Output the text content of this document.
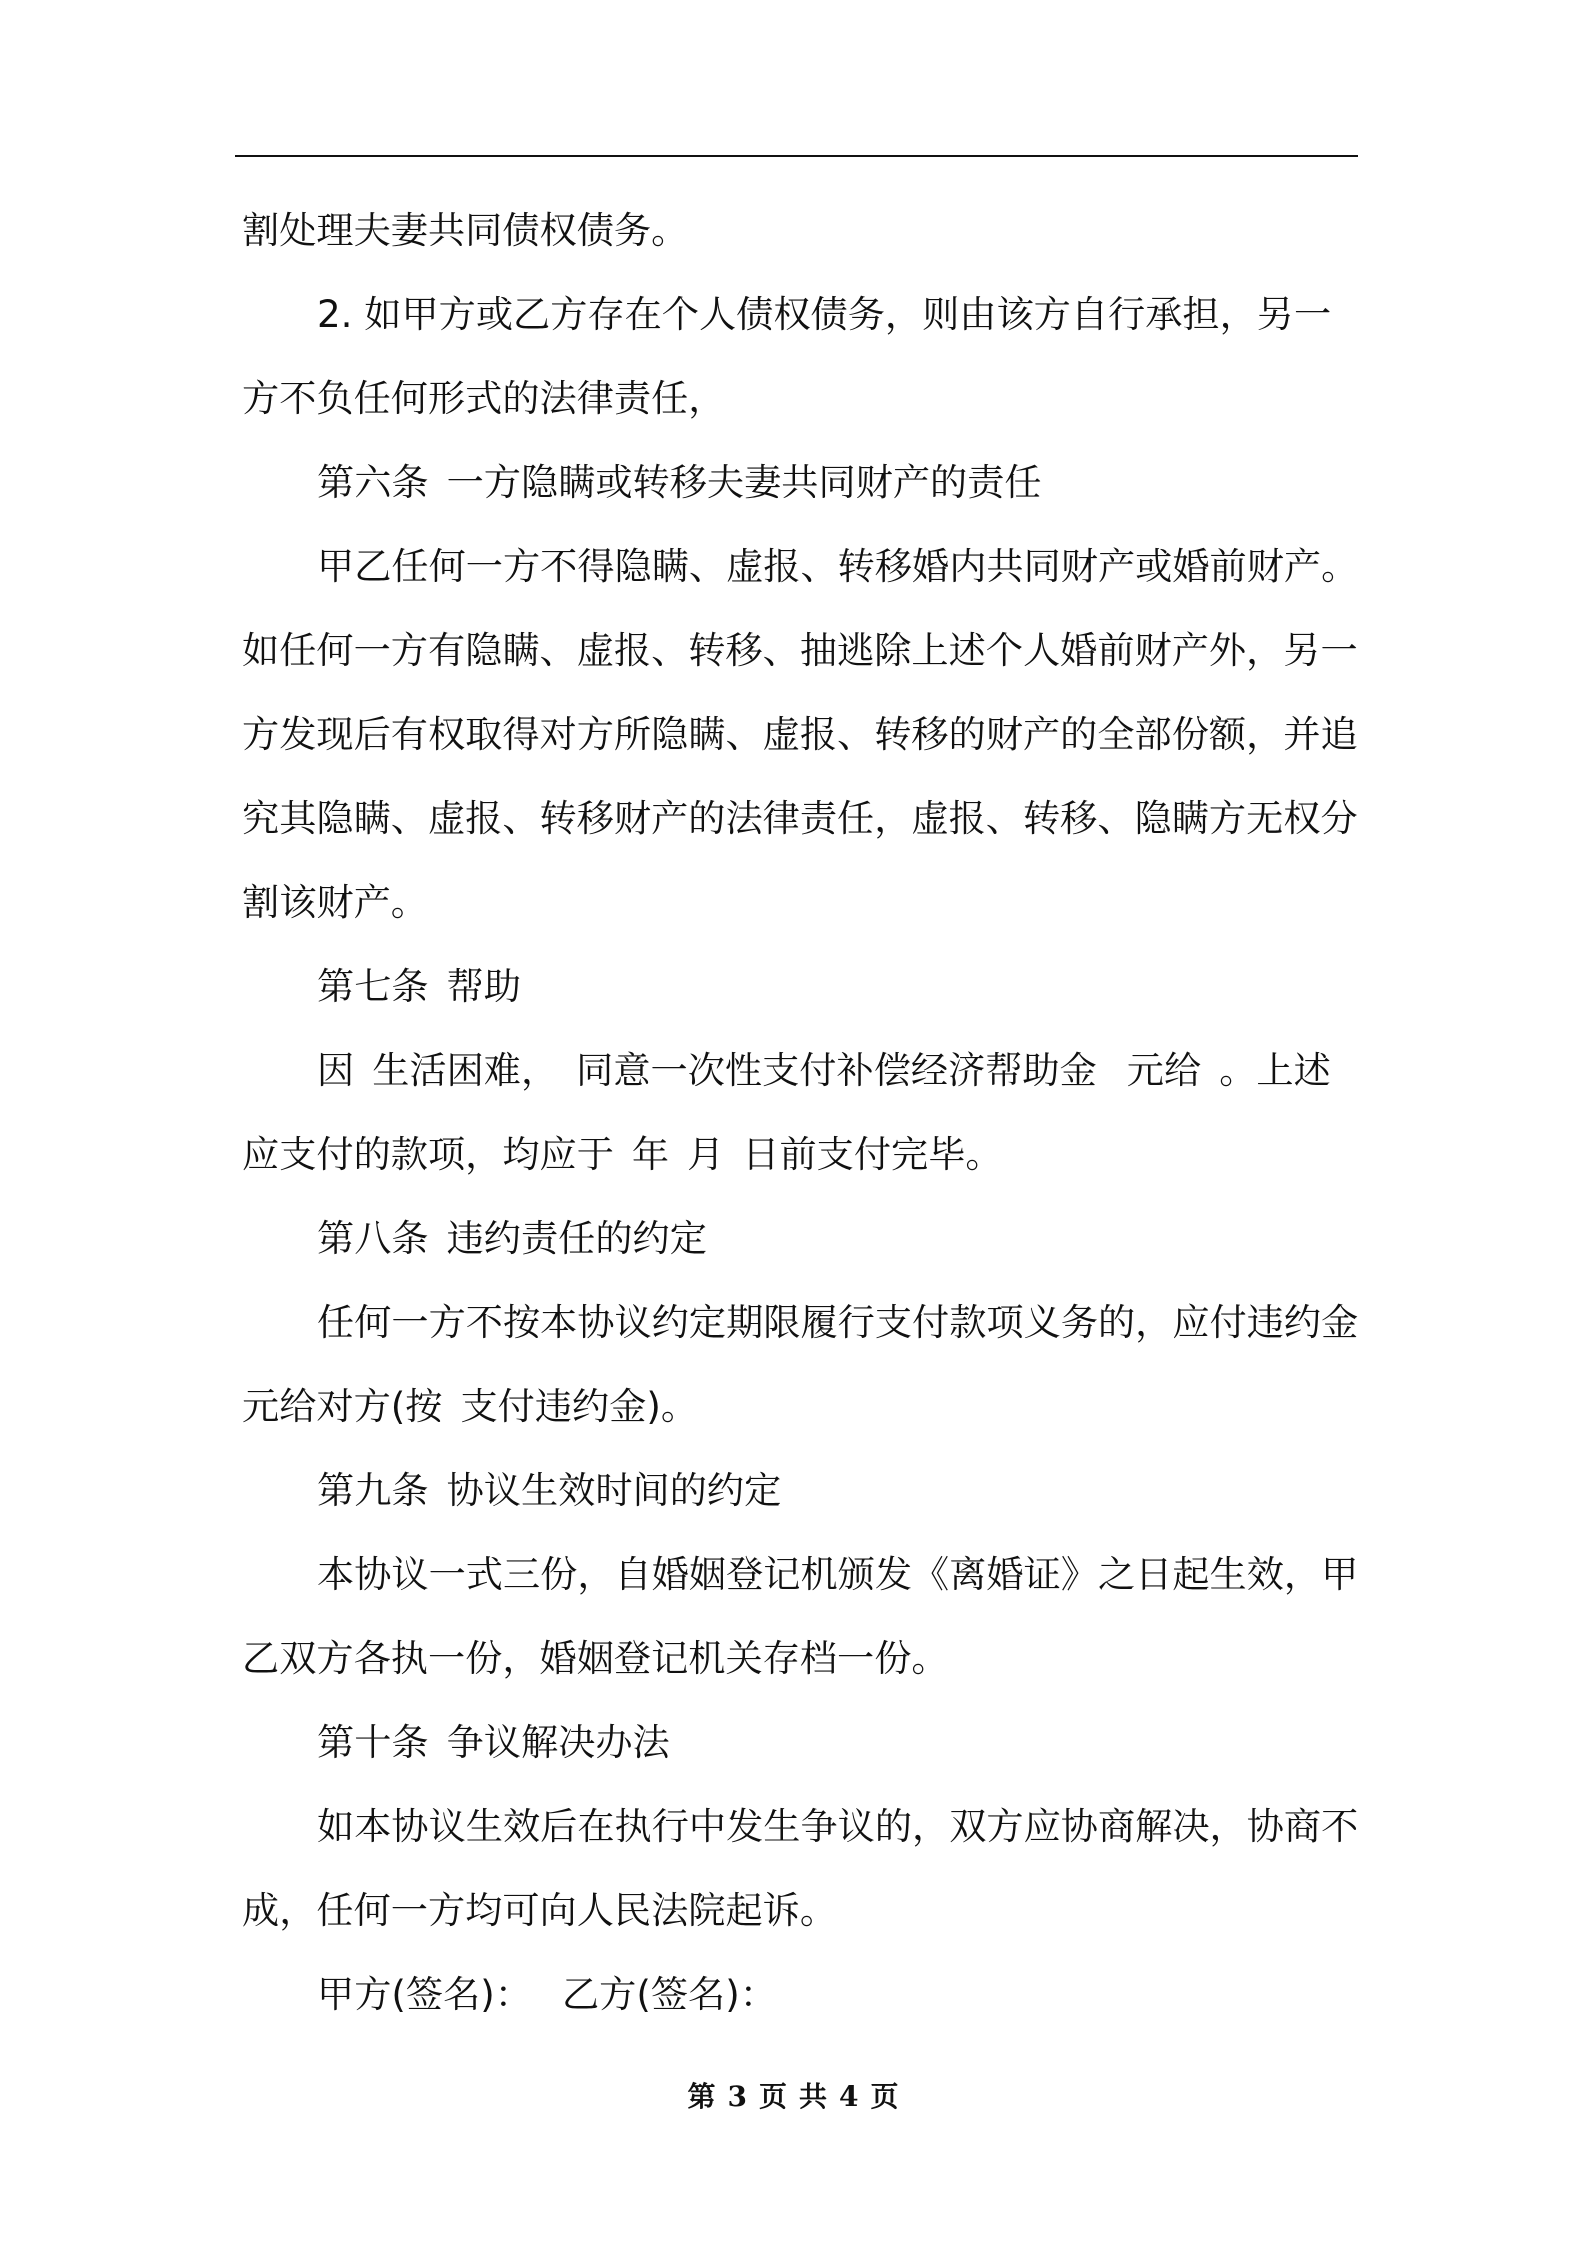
割处理夫妻共同债权债务。

2. 如甲方或乙方存在个人债权债务，则由该方自行承担，另一

方不负任何形式的法律责任，

第六条 一方隐瞒或转移夫妻共同财产的责任

甲乙任何一方不得隐瞒、虚报、转移婚内共同财产或婚前财产。

如任何一方有隐瞒、虚报、转移、抽逃除上述个人婚前财产外，另一

方发现后有权取得对方所隐瞒、虚报、转移的财产的全部份额，并追

究其隐瞒、虚报、转移财产的法律责任，虚报、转移、隐瞒方无权分

割该财产。

第七条 帮助

因 生活困难， 同意一次性支付补偿经济帮助金 元给 。上述

应支付的款项，均应于 年 月 日前支付完毕。

第八条 违约责任的约定

任何一方不按本协议约定期限履行支付款项义务的，应付违约金

元给对方(按 支付违约金)。

第九条 协议生效时间的约定

本协议一式三份，自婚姻登记机颁发《离婚证》之日起生效，甲

乙双方各执一份，婚姻登记机关存档一份。

第十条 争议解决办法

如本协议生效后在执行中发生争议的，双方应协商解决，协商不

成，任何一方均可向人民法院起诉。

甲方(签名)： 乙方(签名)：

第 3 页 共 4 页
